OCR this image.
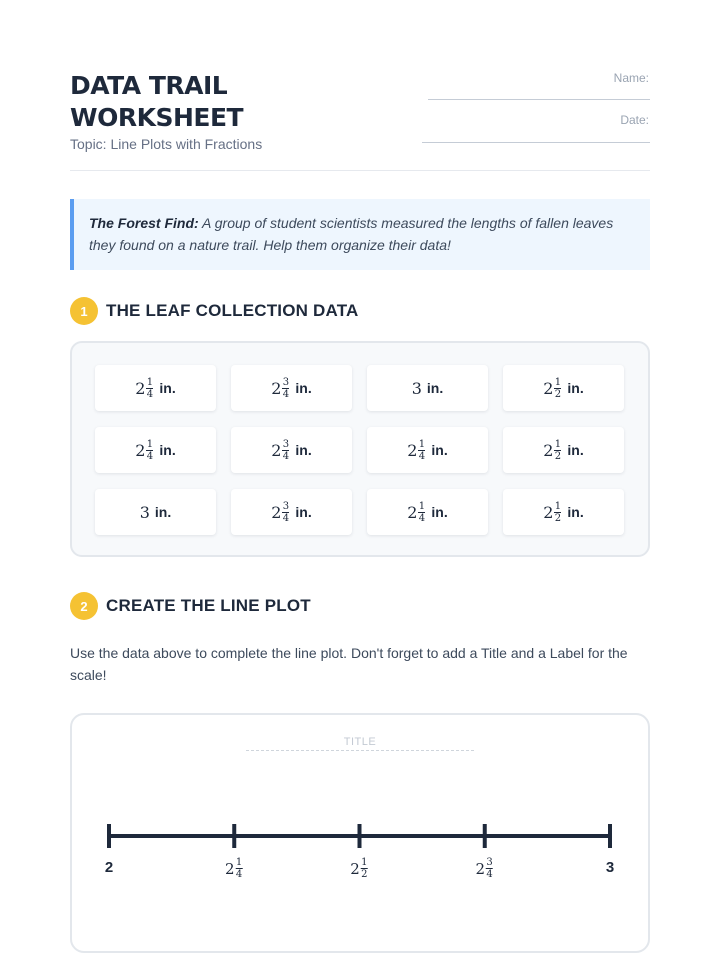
DATA TRAIL
WORKSHEET
Topic: Line Plots with Fractions
Name:
Date:
The Forest Find: A group of student scientists measured the lengths of fallen leaves they found on a nature trail. Help them organize their data!
1	THE LEAF COLLECTION DATA
$2 \frac{1}{4}$ in.	$2 \frac{3}{4}$ in.	3 in.	$2 \frac{1}{2}$ in.
$2 \frac{1}{4}$ in.	$2 \frac{3}{4}$ in.	$2 \frac{1}{4}$ in.	$2 \frac{1}{2}$ in.
3 in.	$2 \frac{3}{4}$ in.	$2 \frac{1}{4}$ in.	$2 \frac{1}{2}$ in.
2	CREATE THE LINE PLOT
Use the data above to complete the line plot. Don't forget to add a Title and a Label for the scale!
TITLE
2	$2 \frac{1}{4}$	$2 \frac{1}{2}$	$2 \frac{3}{4}$	3
